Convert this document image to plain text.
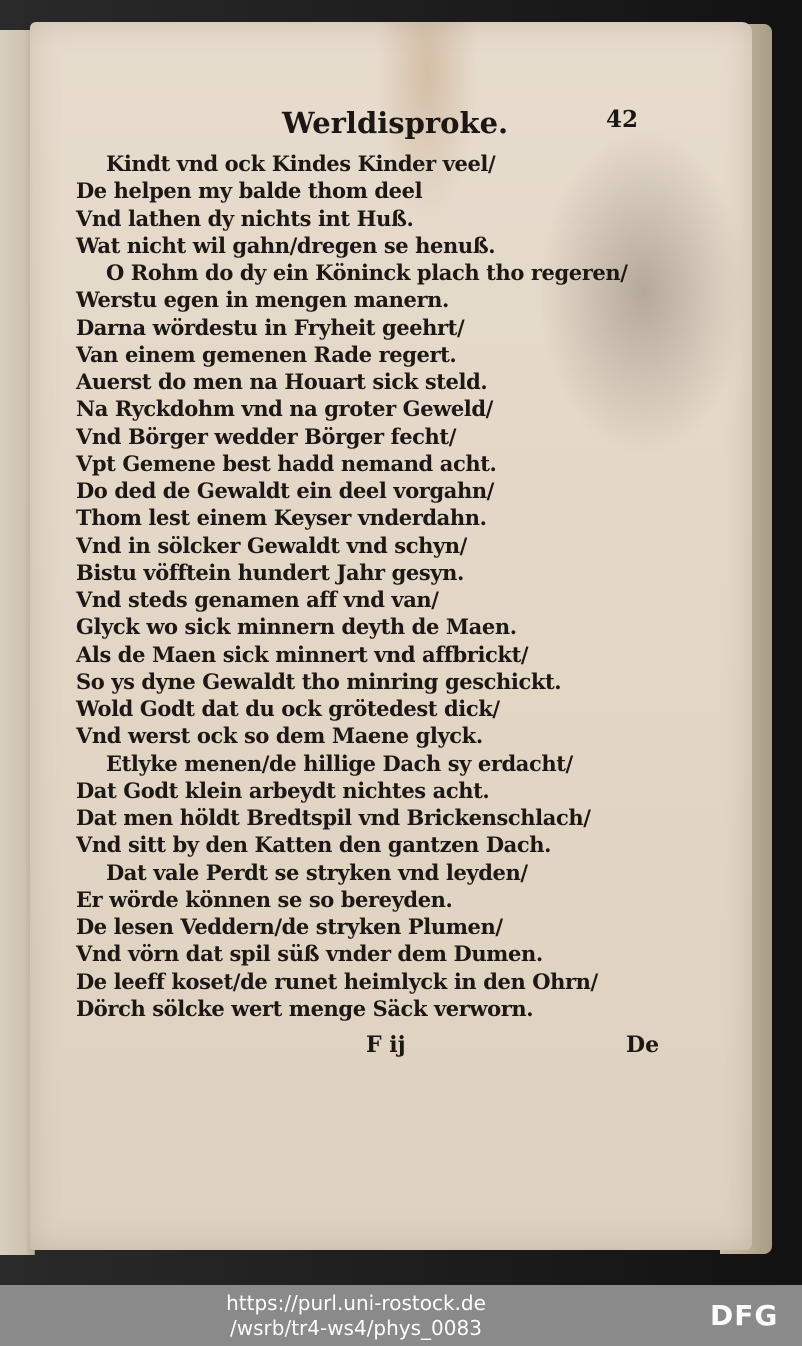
Werldisproke.	42
Kindt vnd ock Kindes Kinder veel/
De helpen my balde thom deel
Vnd lathen dy nichts int Huß.
Wat nicht wil gahn/dregen se henuß.
O Rohm do dy ein Köninck plach tho regeren/
Werstu egen in mengen manern.
Darna wördestu in Fryheit geehrt/
Van einem gemenen Rade regert.
Auerst do men na Houart sick steld.
Na Ryckdohm vnd na groter Geweld/
Vnd Börger wedder Börger fecht/
Vpt Gemene best hadd nemand acht.
Do ded de Gewaldt ein deel vorgahn/
Thom lest einem Keyser vnderdahn.
Vnd in sölcker Gewaldt vnd schyn/
Bistu vöfftein hundert Jahr gesyn.
Vnd steds genamen aff vnd van/
Glyck wo sick minnern deyth de Maen.
Als de Maen sick minnert vnd affbrickt/
So ys dyne Gewaldt tho minring geschickt.
Wold Godt dat du ock grötedest dick/
Vnd werst ock so dem Maene glyck.
Etlyke menen/de hillige Dach sy erdacht/
Dat Godt klein arbeydt nichtes acht.
Dat men höldt Bredtspil vnd Brickenschlach/
Vnd sitt by den Katten den gantzen Dach.
Dat vale Perdt se stryken vnd leyden/
Er wörde können se so bereyden.
De lesen Veddern/de stryken Plumen/
Vnd vörn dat spil süß vnder dem Dumen.
De leeff koset/de runet heimlyck in den Ohrn/
Dörch sölcke wert menge Säck verworn.
F ij	De

https://purl.uni-rostock.de
/wsrb/tr4-ws4/phys_0083	DFG
